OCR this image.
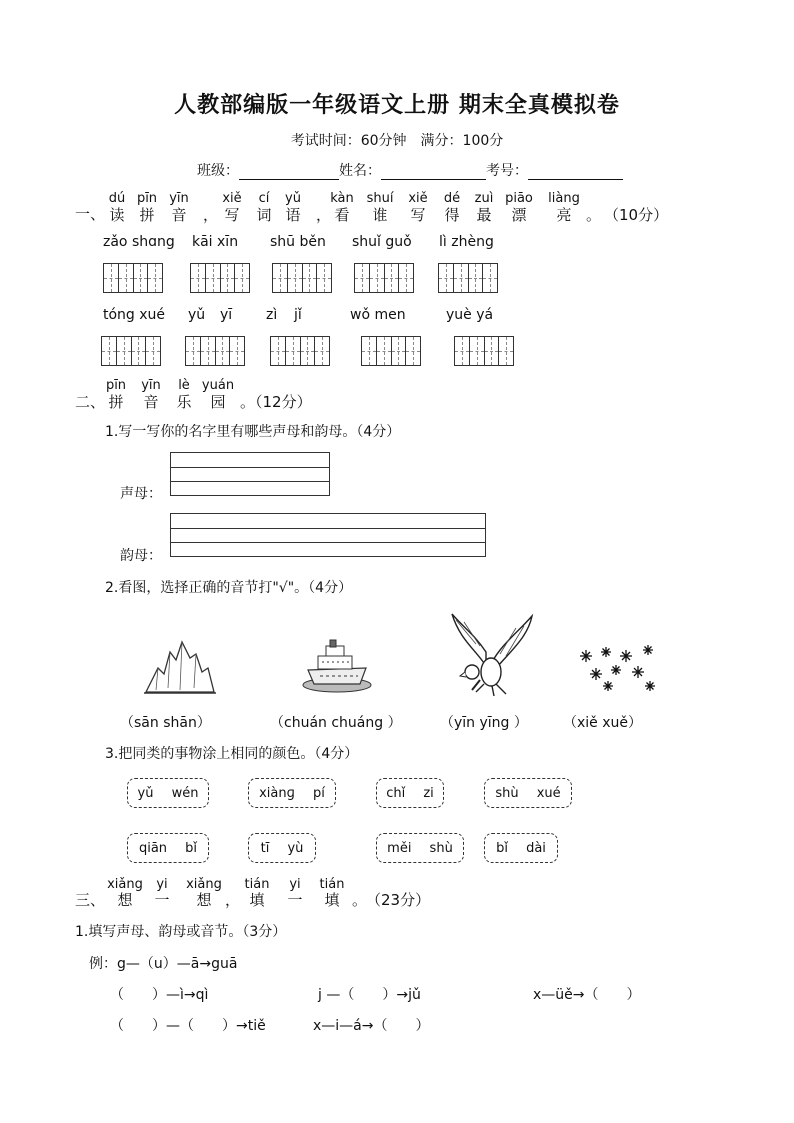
人教部编版一年级语文上册 期末全真模拟卷
考试时间：60分钟　满分：100分
班级：	姓名：	考号：
一、
二、
1.写一写你的名字里有哪些声母和韵母。（4分）
声母：
韵母：
2.看图，选择正确的音节打"√"。（4分）
（sān shān）	（chuán chuáng ）	（yīn yīng ）	（xiě xuě）
3.把同类的事物涂上相同的颜色。（4分）
yǔ wén	xiànɡ pí	chǐ zi	shù xué
qiān bǐ	tī yù	měi shù	bǐ dài
三、
1.填写声母、韵母或音节。（3分）
例：g—（u）—ā→guā
（　　）—ì→qì	j —（　　）→jǔ	x—üě→（　　）
（　　）—（　　）→tiě	x—i—á→（　　）
dú
读
pīn
拼
yīn
音
xiě
写
cí
词
yǔ
语
kàn
看
shuí
谁
xiě
写
dé
得
zuì
最
piāo
漂
liàng
亮
，	，	。 （10分）
zǎo shɑng kāi xīn shū běn shuǐ guǒ lì zhèng
tóng xué yǔ yī zì jǐ	wǒ men	yuè yá
pīn
拼
yīn
音
lè
乐
yuán
园 。（12分）
xiǎng
想
yi
一
xiǎng
想
tián
填
yi
一
tián
填
，	。
（23分）
